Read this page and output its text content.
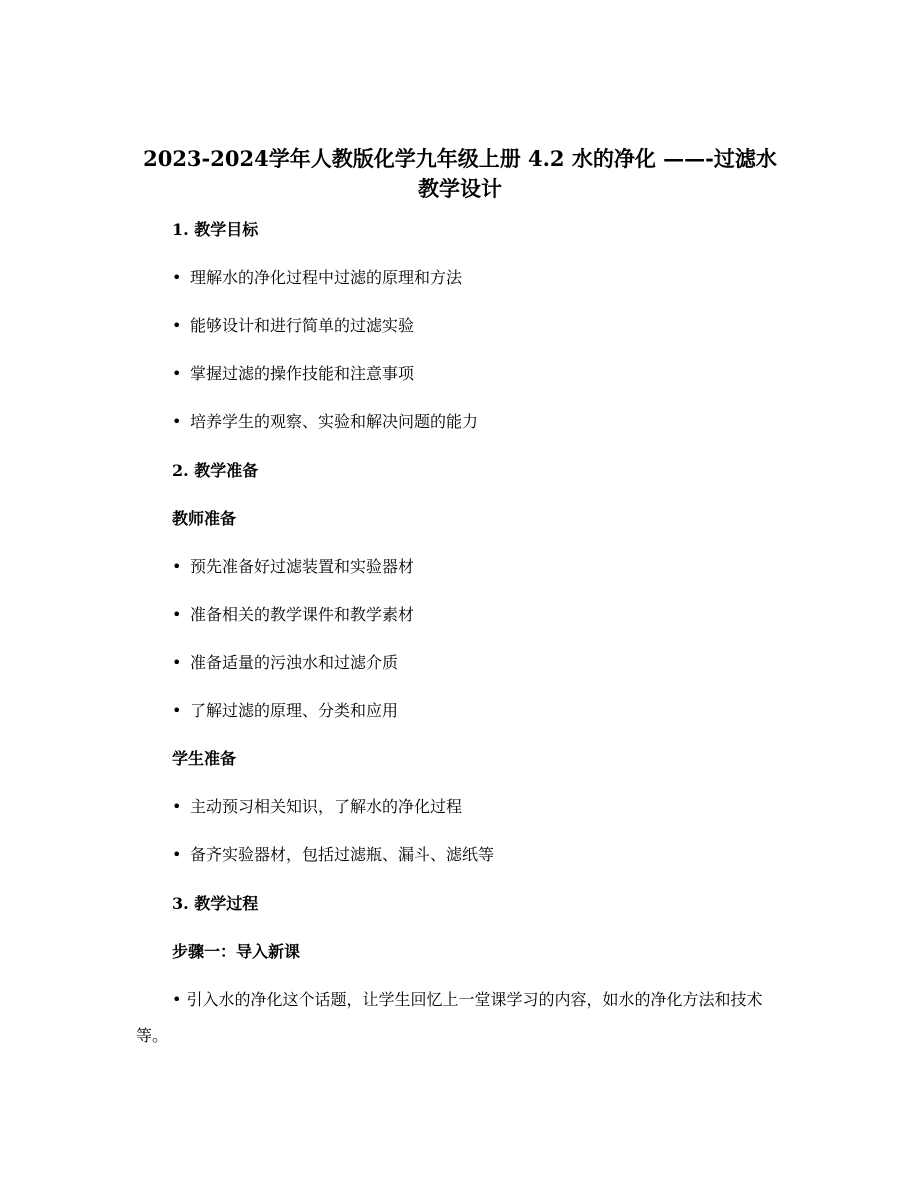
2023-2024学年人教版化学九年级上册 4.2 水的净化 ——-过滤水
教学设计
1. 教学目标
• 理解水的净化过程中过滤的原理和方法
• 能够设计和进行简单的过滤实验
• 掌握过滤的操作技能和注意事项
• 培养学生的观察、实验和解决问题的能力
2. 教学准备
教师准备
• 预先准备好过滤装置和实验器材
• 准备相关的教学课件和教学素材
• 准备适量的污浊水和过滤介质
• 了解过滤的原理、分类和应用
学生准备
• 主动预习相关知识，了解水的净化过程
• 备齐实验器材，包括过滤瓶、漏斗、滤纸等
3. 教学过程
步骤一：导入新课
• 引入水的净化这个话题，让学生回忆上一堂课学习的内容，如水的净化方法和技术等。
